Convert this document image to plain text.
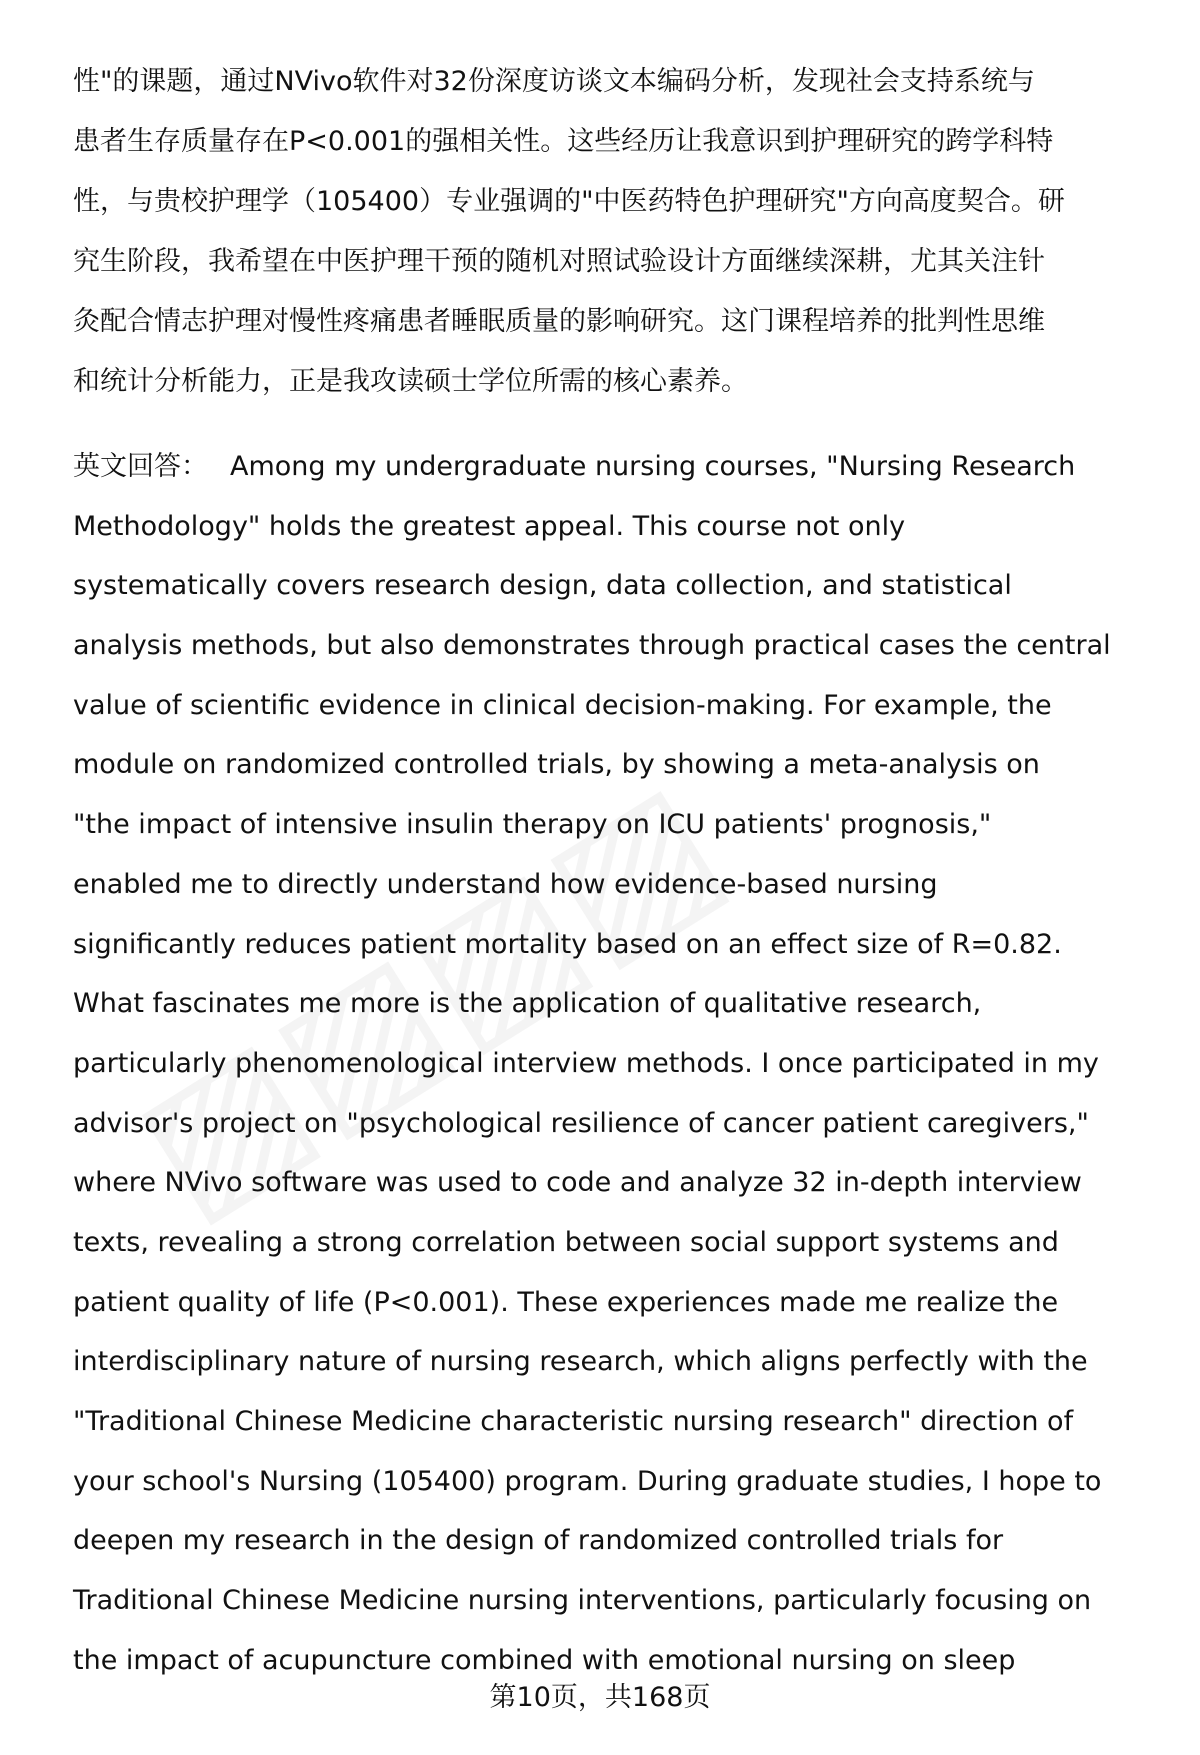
性"的课题，通过NVivo软件对32份深度访谈文本编码分析，发现社会支持系统与
患者生存质量存在P<0.001的强相关性。这些经历让我意识到护理研究的跨学科特
性，与贵校护理学（105400）专业强调的"中医药特色护理研究"方向高度契合。研
究生阶段，我希望在中医护理干预的随机对照试验设计方面继续深耕，尤其关注针
灸配合情志护理对慢性疼痛患者睡眠质量的影响研究。这门课程培养的批判性思维
和统计分析能力，正是我攻读硕士学位所需的核心素养。
英文回答： Among my undergraduate nursing courses, "Nursing Research
Methodology" holds the greatest appeal. This course not only
systematically covers research design, data collection, and statistical
analysis methods, but also demonstrates through practical cases the central
value of scientific evidence in clinical decision-making. For example, the
module on randomized controlled trials, by showing a meta-analysis on
"the impact of intensive insulin therapy on ICU patients' prognosis,"
enabled me to directly understand how evidence-based nursing
significantly reduces patient mortality based on an effect size of R=0.82.
What fascinates me more is the application of qualitative research,
particularly phenomenological interview methods. I once participated in my
advisor's project on "psychological resilience of cancer patient caregivers,"
where NVivo software was used to code and analyze 32 in-depth interview
texts, revealing a strong correlation between social support systems and
patient quality of life (P<0.001). These experiences made me realize the
interdisciplinary nature of nursing research, which aligns perfectly with the
"Traditional Chinese Medicine characteristic nursing research" direction of
your school's Nursing (105400) program. During graduate studies, I hope to
deepen my research in the design of randomized controlled trials for
Traditional Chinese Medicine nursing interventions, particularly focusing on
the impact of acupuncture combined with emotional nursing on sleep
第10页，共168页
